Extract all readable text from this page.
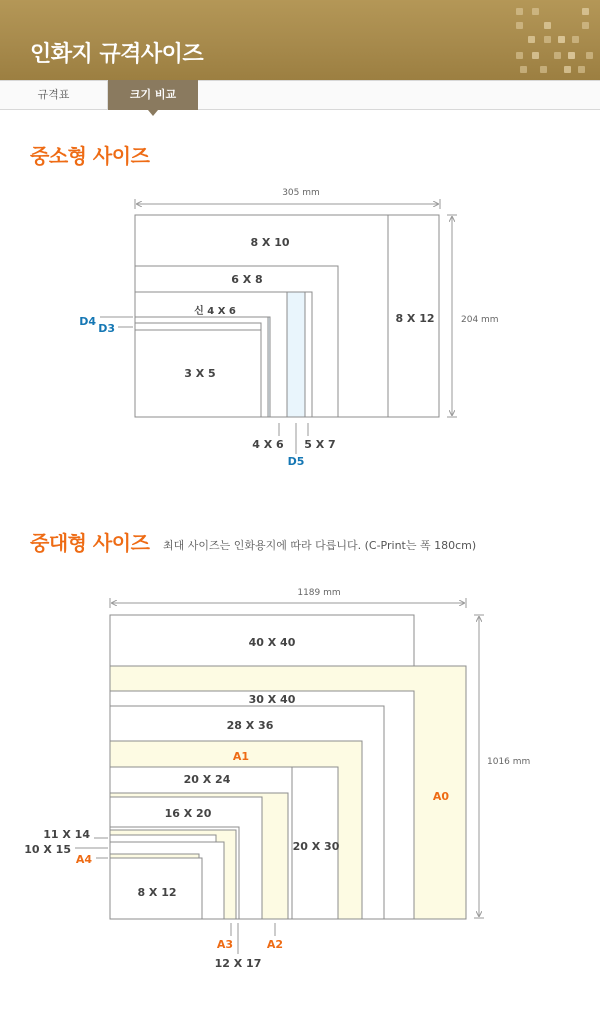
인화지 규격사이즈
규격표	크기 비교
중소형 사이즈
중대형 사이즈 최대 사이즈는 인화용지에 따라 다릅니다. (C-Print는 폭 180cm)
305 mm
204 mm
8 X 10
6 X 8
신 4 X 6
3 X 5
8 X 12
D4
D3
4 X 6 5 X 7
D5
1189 mm
1016 mm
40 X 40
A0
30 X 40
28 X 36
A1
20 X 24
20 X 30
16 X 20
8 X 12
11 X 14
10 X 15
A4
A3
12 X 17
A2
